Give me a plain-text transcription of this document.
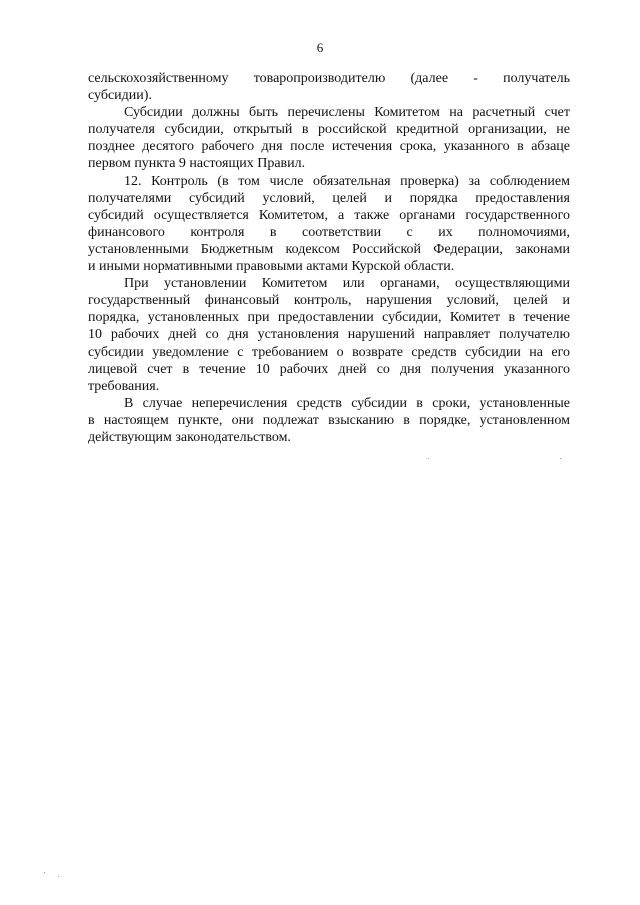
6
сельскохозяйственному товаропроизводителю (далее - получатель
субсидии).
Субсидии должны быть перечислены Комитетом на расчетный счет
получателя субсидии, открытый в российской кредитной организации, не
позднее десятого рабочего дня после истечения срока, указанного в абзаце
первом пункта 9 настоящих Правил.
12. Контроль (в том числе обязательная проверка) за соблюдением
получателями субсидий условий, целей и порядка предоставления
субсидий осуществляется Комитетом, а также органами государственного
финансового контроля в соответствии с их полномочиями,
установленными Бюджетным кодексом Российской Федерации, законами
и иными нормативными правовыми актами Курской области.
При установлении Комитетом или органами, осуществляющими
государственный финансовый контроль, нарушения условий, целей и
порядка, установленных при предоставлении субсидии, Комитет в течение
10 рабочих дней со дня установления нарушений направляет получателю
субсидии уведомление с требованием о возврате средств субсидии на его
лицевой счет в течение 10 рабочих дней со дня получения указанного
требования.
В случае неперечисления средств субсидии в сроки, установленные
в настоящем пункте, они подлежат взысканию в порядке, установленном
действующим законодательством.
